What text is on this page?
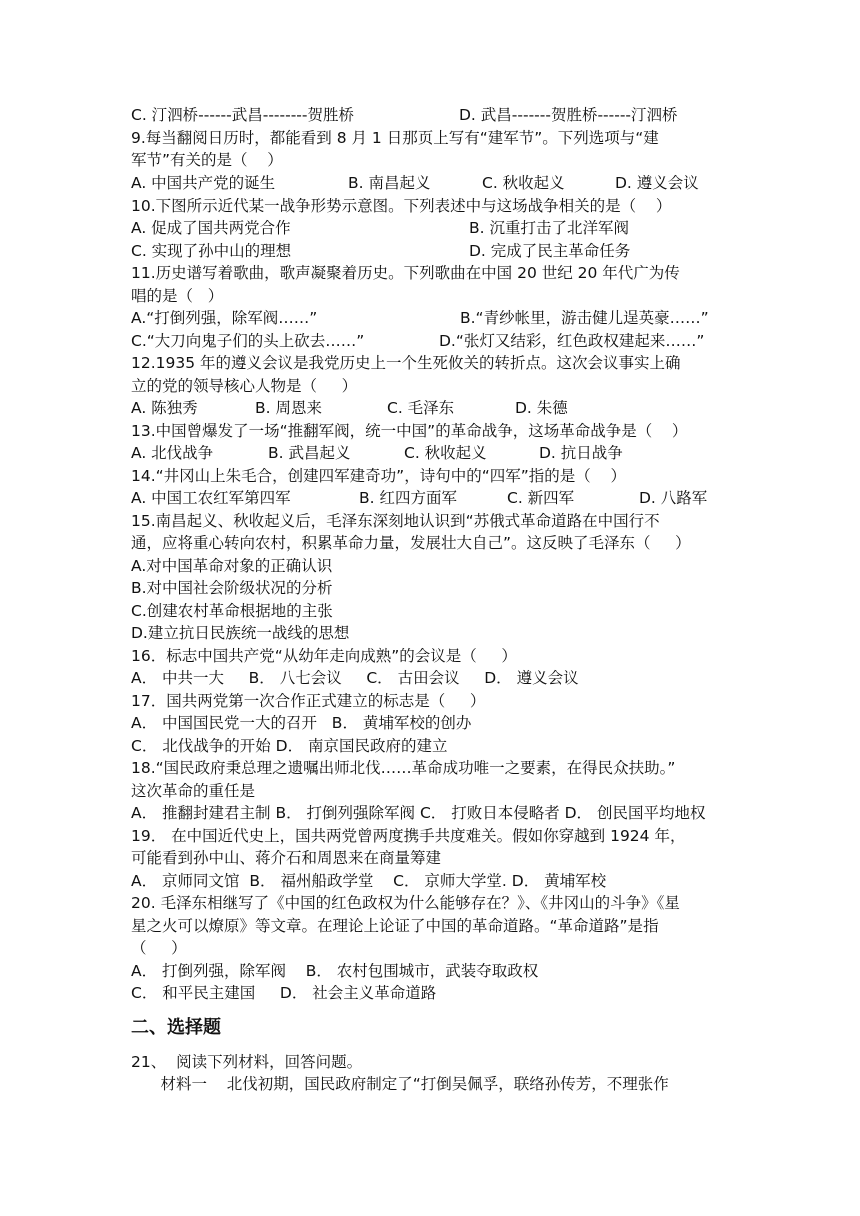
C. 汀泗桥------武昌--------贺胜桥	D. 武昌-------贺胜桥------汀泗桥
9.每当翻阅日历时，都能看到 8 月 1 日那页上写有“建军节”。下列选项与“建
军节”有关的是（    ）
A. 中国共产党的诞生	B. 南昌起义	C. 秋收起义	D. 遵义会议
10.下图所示近代某一战争形势示意图。下列表述中与这场战争相关的是（    ）
A. 促成了国共两党合作	B. 沉重打击了北洋军阀
C. 实现了孙中山的理想	D. 完成了民主革命任务
11.历史谱写着歌曲，歌声凝聚着历史。下列歌曲在中国 20 世纪 20 年代广为传
唱的是（   ）
A.“打倒列强，除军阀……”	B.“青纱帐里，游击健儿逞英豪……”
C.“大刀向鬼子们的头上砍去……”	D.“张灯又结彩，红色政权建起来……”
12.1935 年的遵义会议是我党历史上一个生死攸关的转折点。这次会议事实上确
立的党的领导核心人物是（     ）
A. 陈独秀	B. 周恩来	C. 毛泽东	D. 朱德
13.中国曾爆发了一场“推翻军阀，统一中国”的革命战争，这场革命战争是（    ）
A. 北伐战争	B. 武昌起义	C. 秋收起义	D. 抗日战争
14.“井冈山上朱毛合，创建四军建奇功”，诗句中的“四军”指的是（    ）
A. 中国工农红军第四军	B. 红四方面军	C. 新四军	D. 八路军
15.南昌起义、秋收起义后，毛泽东深刻地认识到“苏俄式革命道路在中国行不
通，应将重心转向农村，积累革命力量，发展壮大自己”。这反映了毛泽东（     ）
A.对中国革命对象的正确认识
B.对中国社会阶级状况的分析
C.创建农村革命根据地的主张
D.建立抗日民族统一战线的思想
16．标志中国共产党“从幼年走向成熟”的会议是（     ）
A． 中共一大     B． 八七会议     C． 古田会议     D． 遵义会议
17．国共两党第一次合作正式建立的标志是（     ）
A． 中国国民党一大的召开   B． 黄埔军校的创办
C． 北伐战争的开始 D． 南京国民政府的建立
18.“国民政府秉总理之遗嘱出师北伐……革命成功唯一之要素，在得民众扶助。”
这次革命的重任是
A． 推翻封建君主制 B． 打倒列强除军阀 C． 打败日本侵略者 D． 创民国平均地权
19． 在中国近代史上，国共两党曾两度携手共度难关。假如你穿越到 1924 年，
可能看到孙中山、蒋介石和周恩来在商量筹建
A． 京师同文馆  B． 福州船政学堂    C． 京师大学堂. D． 黄埔军校
20. 毛泽东相继写了《中国的红色政权为什么能够存在？》、《井冈山的斗争》《星
星之火可以燎原》等文章。在理论上论证了中国的革命道路。“革命道路”是指
（     ）
A． 打倒列强，除军阀    B． 农村包围城市，武装夺取政权
C． 和平民主建国     D． 社会主义革命道路
二、选择题
21、  阅读下列材料，回答问题。
材料一    北伐初期，国民政府制定了“打倒吴佩孚，联络孙传芳，不理张作
